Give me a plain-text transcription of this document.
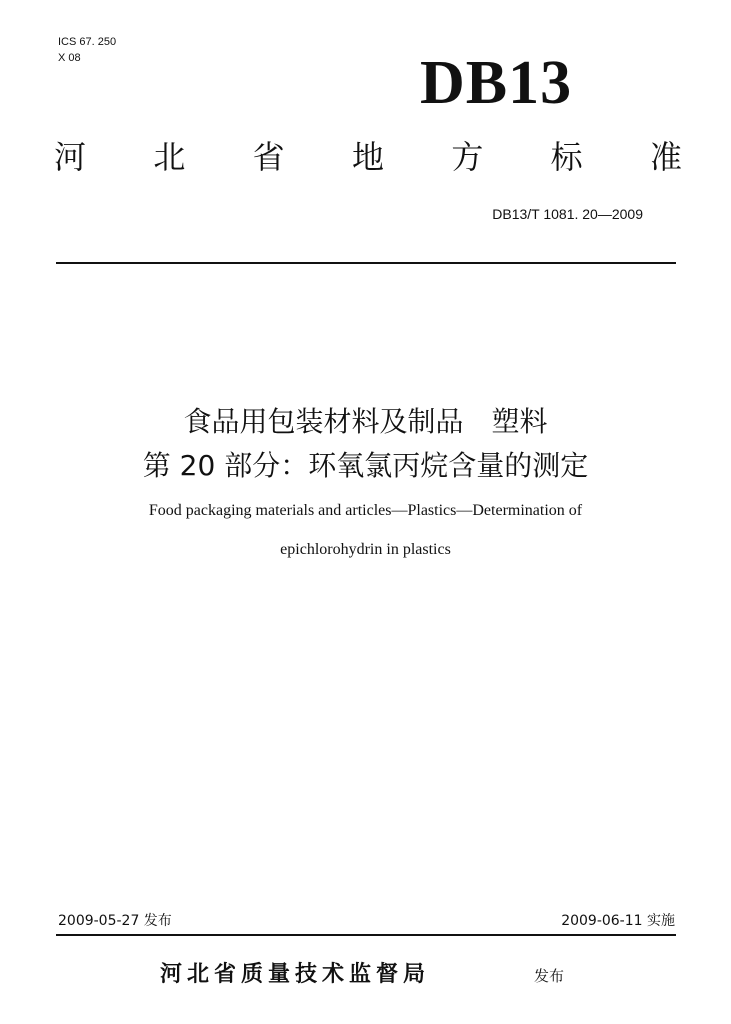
ICS 67. 250
X 08	DB13
河 北 省 地 方 标 准
DB13/T 1081. 20—2009
食品用包装材料及制品　塑料
第 20 部分：环氧氯丙烷含量的测定
Food packaging materials and articles—Plastics—Determination of
epichlorohydrin in plastics
2009-05-27 发布	2009-06-11 实施
河北省质量技术监督局	发布
